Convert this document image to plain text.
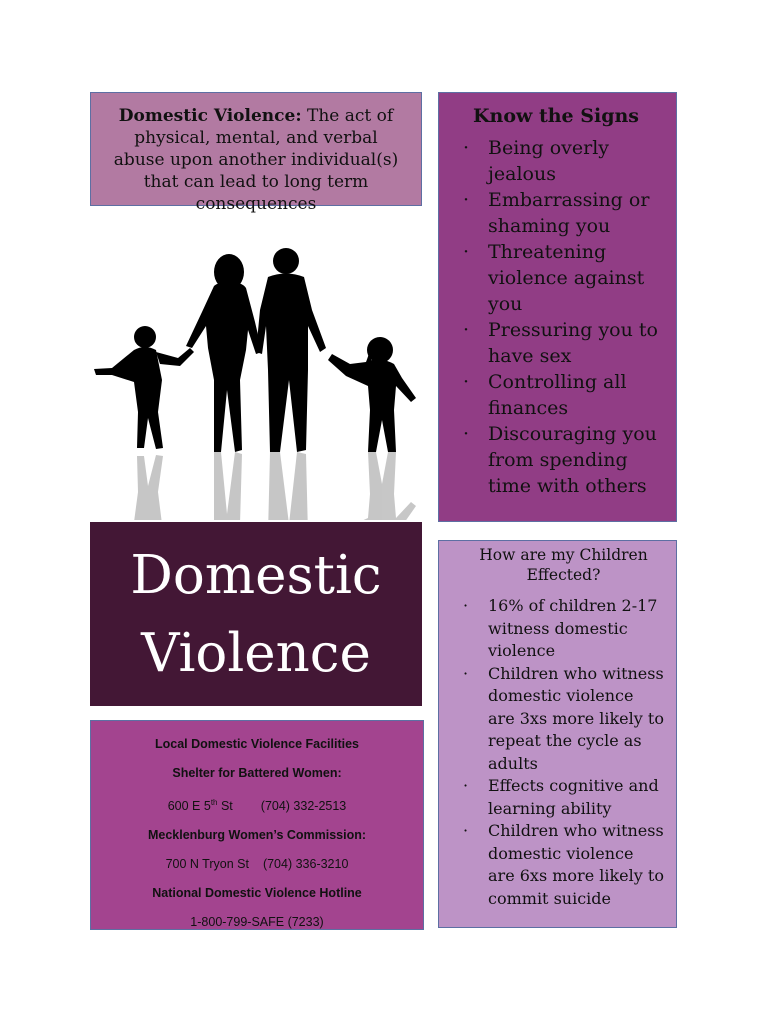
Domestic Violence: The act of physical, mental, and verbal abuse upon another individual(s) that can lead to long term consequences
Know the Signs
· Being overly jealous
· Embarrassing or shaming you
· Threatening violence against you
· Pressuring you to have sex
· Controlling all finances
· Discouraging you from spending time with others
Domestic
Violence
How are my Children
Effected?
· 16% of children 2-17 witness domestic violence
· Children who witness domestic violence are 3xs more likely to repeat the cycle as adults
· Effects cognitive and learning ability
· Children who witness domestic violence are 6xs more likely to commit suicide

Local Domestic Violence Facilities

Shelter for Battered Women:

600 E 5th St (704) 332-2513

Mecklenburg Women’s Commission:

700 N Tryon St (704) 336-3210

National Domestic Violence Hotline

1-800-799-SAFE (7233)
